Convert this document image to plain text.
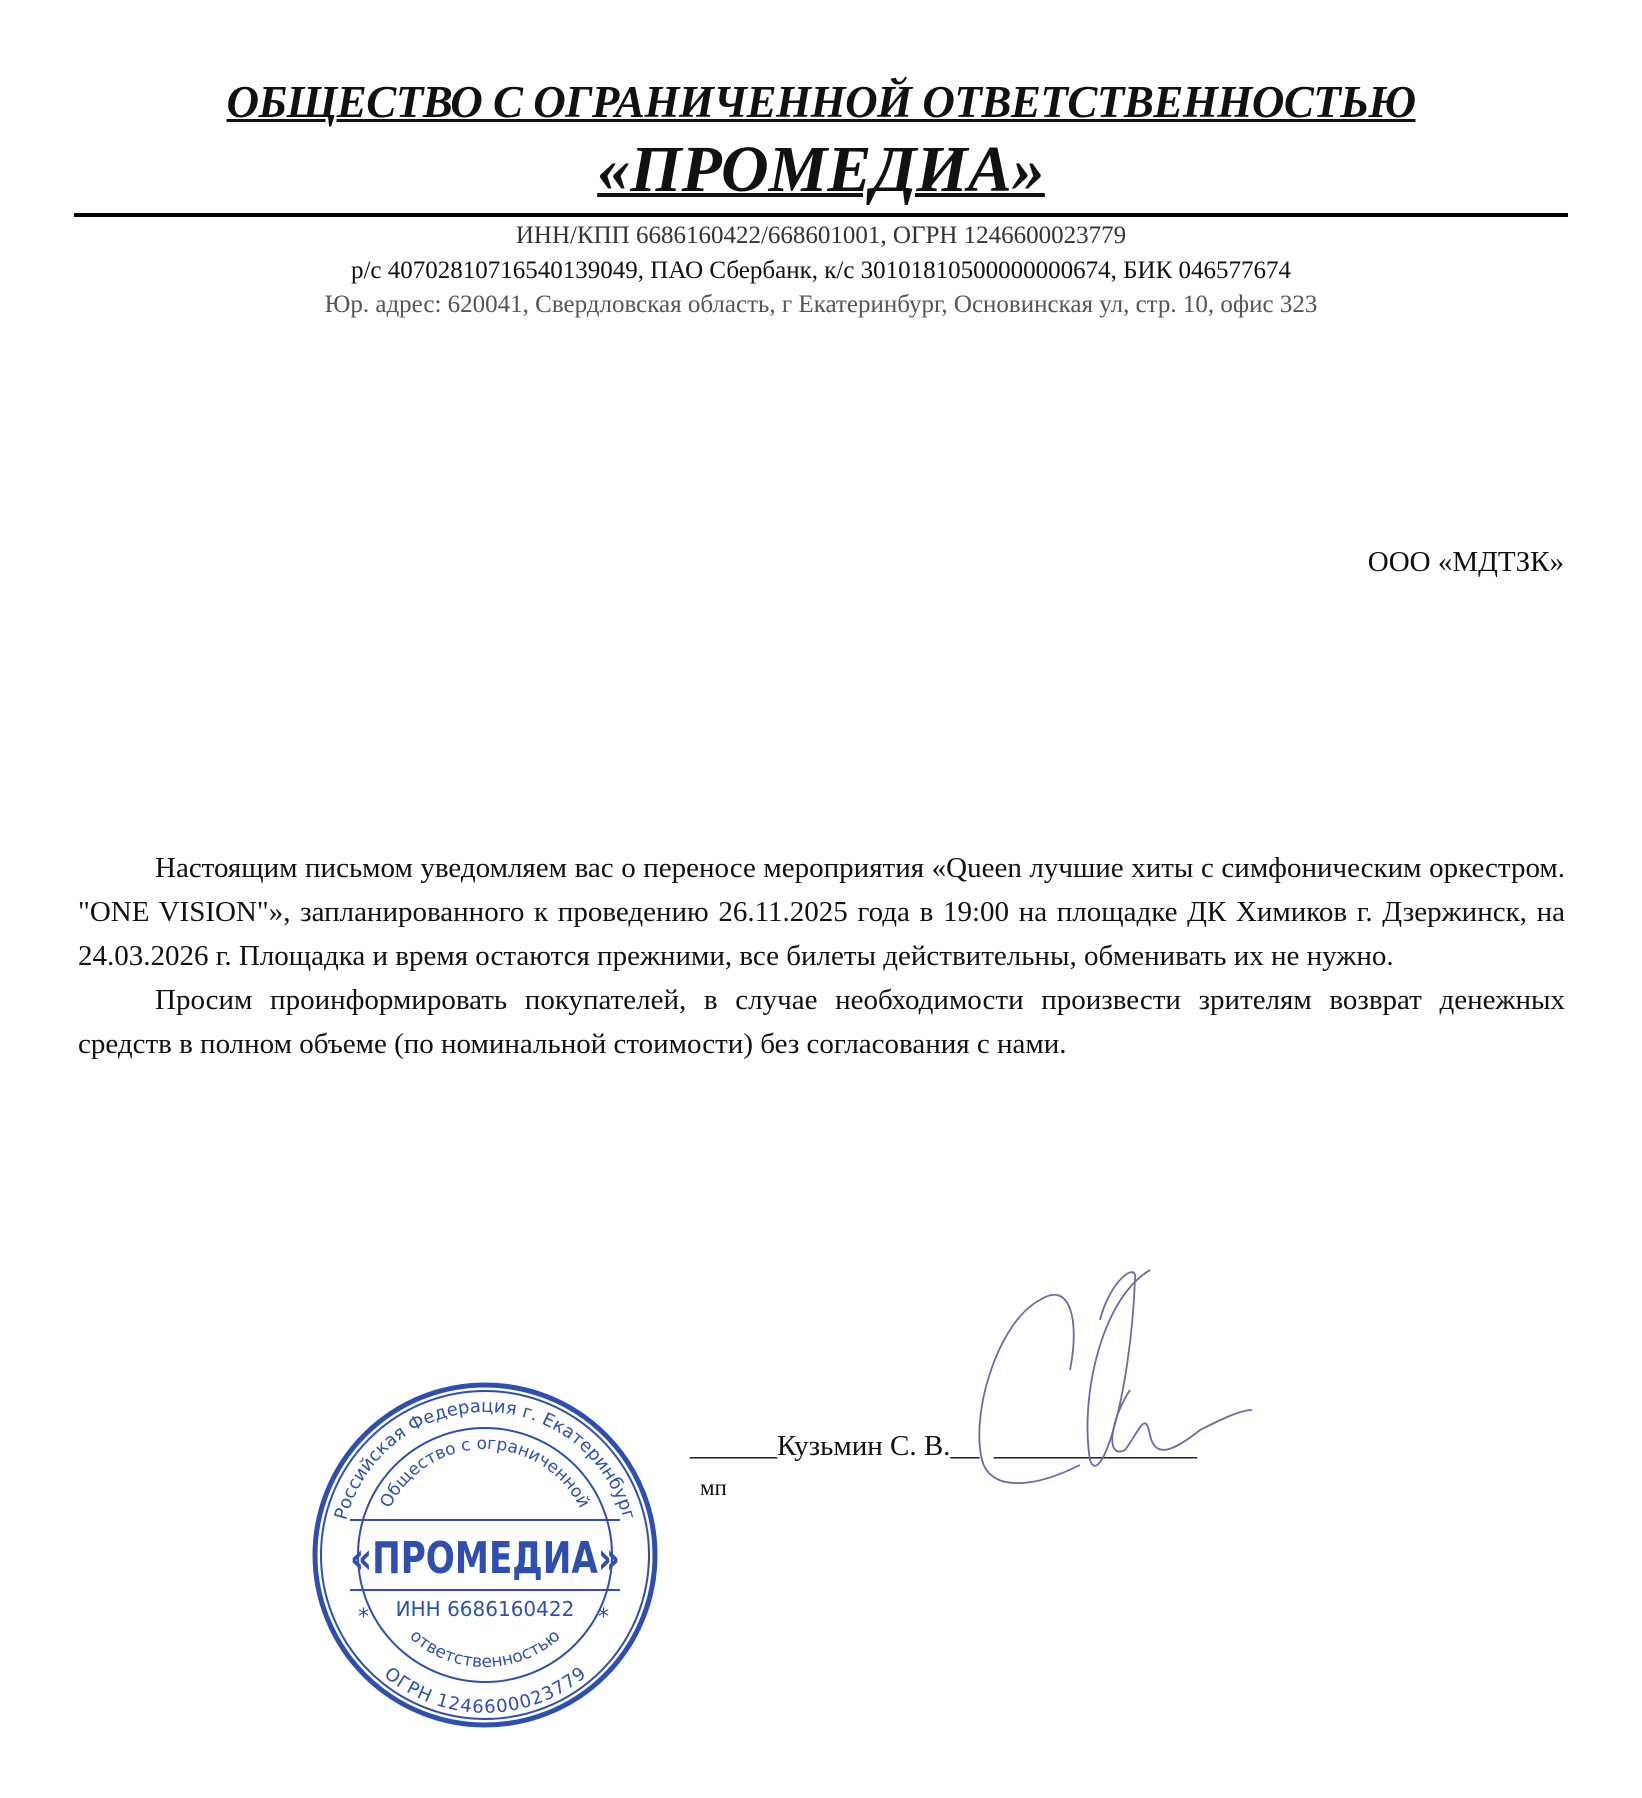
ОБЩЕСТВО С ОГРАНИЧЕННОЙ ОТВЕТСТВЕННОСТЬЮ
«ПРОМЕДИА»
ИНН/КПП 6686160422/668601001, ОГРН 1246600023779
р/с 40702810716540139049, ПАО Сбербанк, к/с 30101810500000000674, БИК 046577674
Юр. адрес: 620041, Свердловская область, г Екатеринбург, Основинская ул, стр. 10, офис 323
ООО «МДТЗК»

Настоящим письмом уведомляем вас о переносе мероприятия «Queen лучшие хиты с симфоническим оркестром. "ONE VISION"», запланированного к проведению 26.11.2025 года в 19:00 на площадке ДК Химиков г. Дзержинск, на 24.03.2026 г. Площадка и время остаются прежними, все билеты действительны, обменивать их не нужно.

Просим проинформировать покупателей, в случае необходимости произвести зрителям возврат денежных средств в полном объеме (по номинальной стоимости) без согласования с нами.

Российская Федерация г. Екатеринбург
Общество с ограниченной
«ПРОМЕДИА»
ИНН 6686160422
*	*
ответственностью
ОГРН 1246600023779
______Кузьмин С. В.__  ______________
мп
